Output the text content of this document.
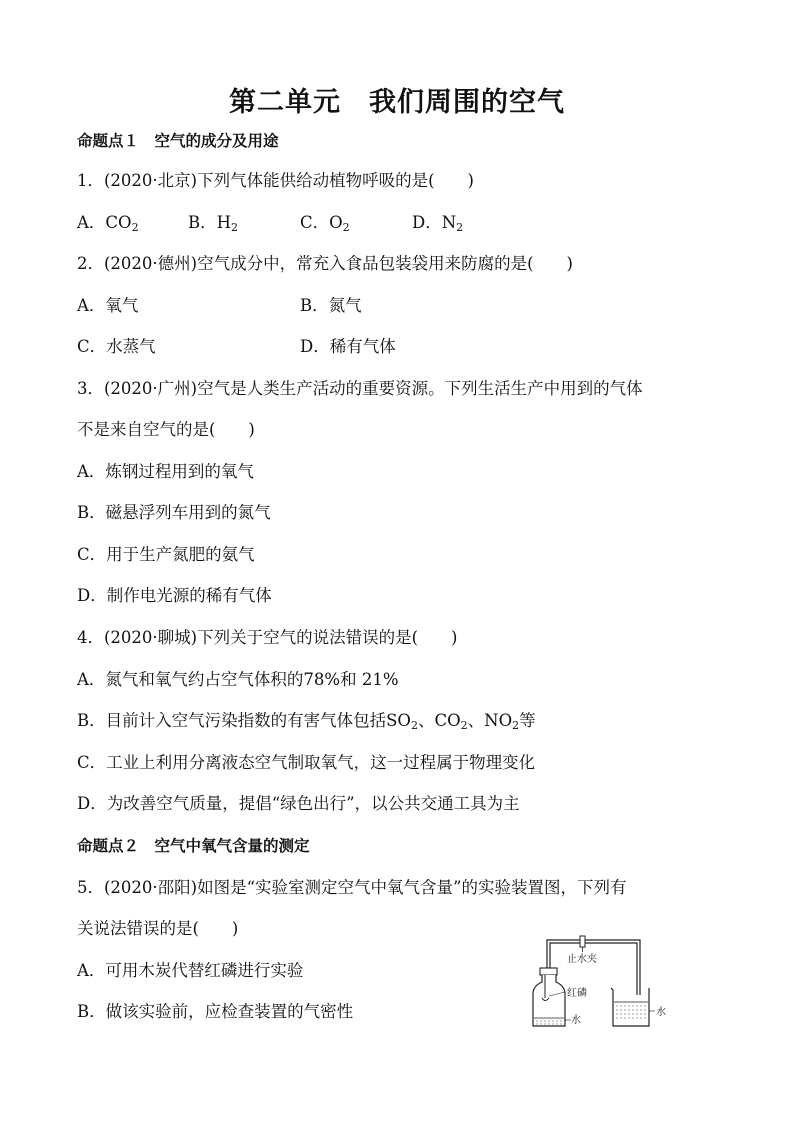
第二单元　我们周围的空气
命题点１　空气的成分及用途
1．(2020·北京)下列气体能供给动植物呼吸的是(　　)
A．$CO_2$	B．$H_2$	C．$O_2$	D．$N_2$
2．(2020·德州)空气成分中，常充入食品包装袋用来防腐的是(　　)
A．氧气	B．氮气
C．水蒸气	D．稀有气体
3．(2020·广州)空气是人类生产活动的重要资源。下列生活生产中用到的气体
不是来自空气的是(　　)
A．炼钢过程用到的氧气
B．磁悬浮列车用到的氮气
C．用于生产氮肥的氨气
D．制作电光源的稀有气体
4．(2020·聊城)下列关于空气的说法错误的是(　　)
A．氮气和氧气约占空气体积的78%和 21%
B．目前计入空气污染指数的有害气体包括$SO_2$、$CO_2$、$NO_2$等
C．工业上利用分离液态空气制取氧气，这一过程属于物理变化
D．为改善空气质量，提倡“绿色出行”，以公共交通工具为主
命题点２　空气中氧气含量的测定
5．(2020·邵阳)如图是“实验室测定空气中氧气含量”的实验装置图，下列有
关说法错误的是(　　)
A．可用木炭代替红磷进行实验
B．做该实验前，应检查装置的气密性
止水夹
红磷
水
水
